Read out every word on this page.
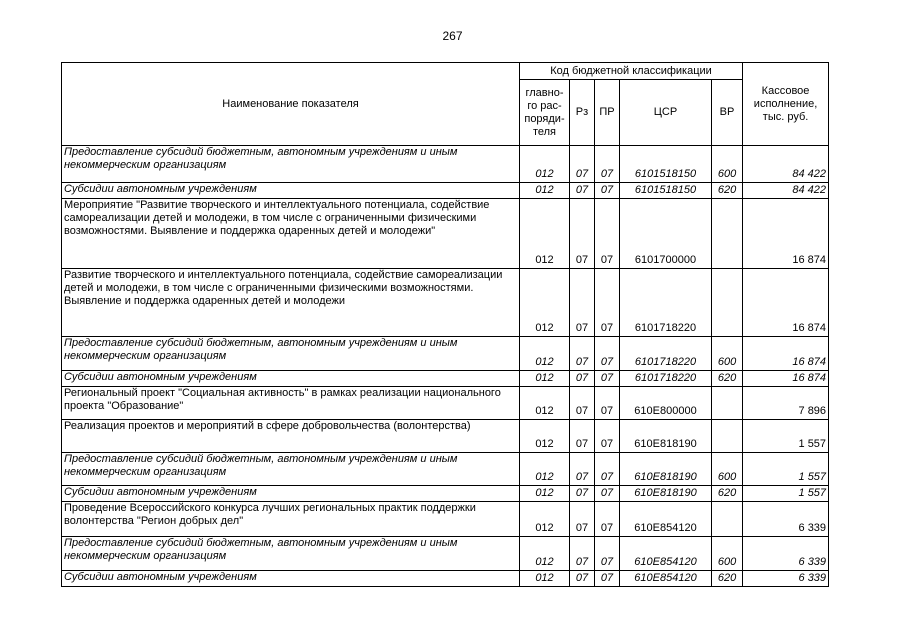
267
Наименование показателя	Код бюджетной классификации					Кассовое исполнение, тыс. руб.
	главно-го рас-поряди-теля	Рз	ПР	ЦСР	ВР	
Предоставление субсидий бюджетным, автономным учреждениям и иным некоммерческим организациям	012	07	07	6101518150	600	84 422
Субсидии автономным учреждениям	012	07	07	6101518150	620	84 422
Мероприятие "Развитие творческого и интеллектуального потенциала, содействие самореализации детей и молодежи, в том числе с ограниченными физическими возможностями. Выявление и поддержка одаренных детей и молодежи"	012	07	07	6101700000		16 874
Развитие творческого и интеллектуального потенциала, содействие самореализации детей и молодежи, в том числе с ограниченными физическими возможностями. Выявление и поддержка одаренных детей и молодежи	012	07	07	6101718220		16 874
Предоставление субсидий бюджетным, автономным учреждениям и иным некоммерческим организациям	012	07	07	6101718220	600	16 874
Субсидии автономным учреждениям	012	07	07	6101718220	620	16 874
Региональный проект "Социальная активность" в рамках реализации национального проекта "Образование"	012	07	07	610E800000		7 896
Реализация проектов и мероприятий в сфере добровольчества (волонтерства)	012	07	07	610E818190		1 557
Предоставление субсидий бюджетным, автономным учреждениям и иным некоммерческим организациям	012	07	07	610E818190	600	1 557
Субсидии автономным учреждениям	012	07	07	610E818190	620	1 557
Проведение Всероссийского конкурса лучших региональных практик поддержки волонтерства "Регион добрых дел"	012	07	07	610E854120		6 339
Предоставление субсидий бюджетным, автономным учреждениям и иным некоммерческим организациям	012	07	07	610E854120	600	6 339
Субсидии автономным учреждениям	012	07	07	610E854120	620	6 339
